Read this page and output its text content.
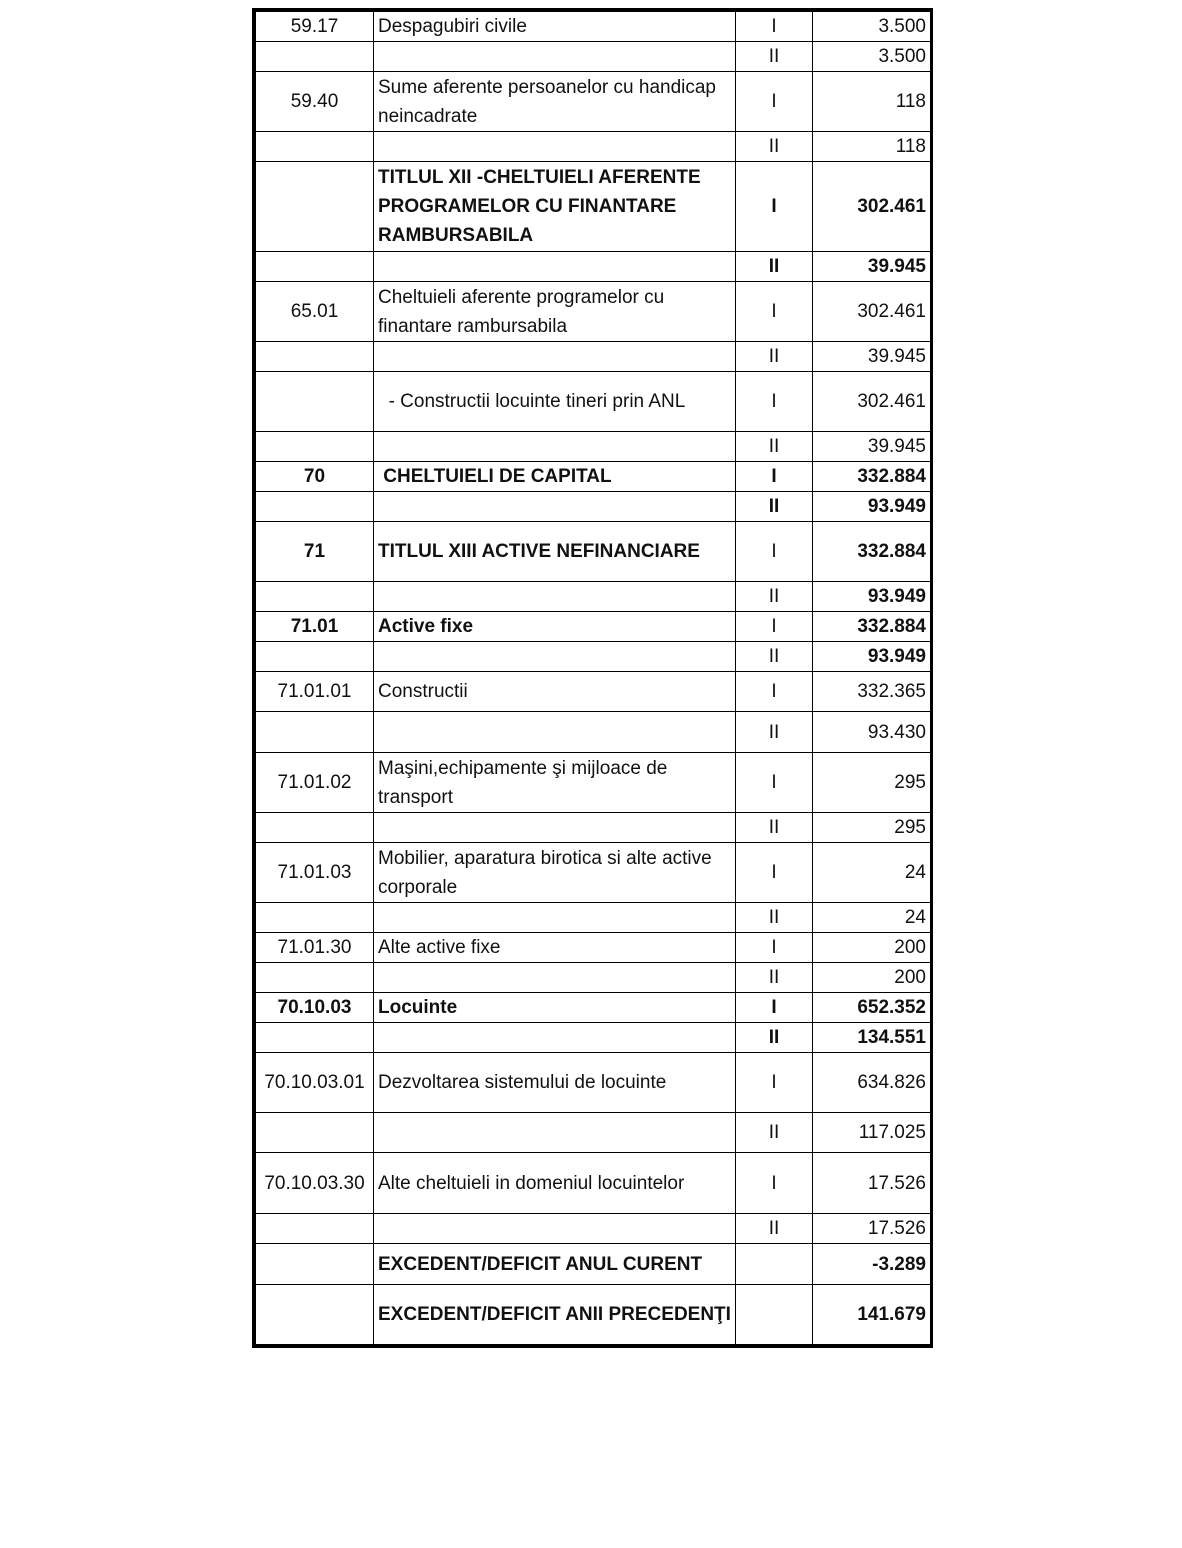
59.17	Despagubiri civile	I	3.500
		II	3.500
59.40	Sume aferente persoanelor cu handicap neincadrate	I	118
		II	118
	TITLUL XII -CHELTUIELI AFERENTE PROGRAMELOR CU FINANTARE RAMBURSABILA	I	302.461
		II	39.945
65.01	Cheltuieli aferente programelor cu finantare rambursabila	I	302.461
		II	39.945
	- Constructii locuinte tineri prin ANL	I	302.461
		II	39.945
70	CHELTUIELI DE CAPITAL	I	332.884
		II	93.949
71	TITLUL XIII ACTIVE NEFINANCIARE	I	332.884
		II	93.949
71.01	Active fixe	I	332.884
		II	93.949
71.01.01	Constructii	I	332.365
		II	93.430
71.01.02	Maşini,echipamente şi mijloace de transport	I	295
		II	295
71.01.03	Mobilier, aparatura birotica si alte active corporale	I	24
		II	24
71.01.30	Alte active fixe	I	200
		II	200
70.10.03	Locuinte	I	652.352
		II	134.551
70.10.03.01	Dezvoltarea sistemului de locuinte	I	634.826
		II	117.025
70.10.03.30	Alte cheltuieli in domeniul locuintelor	I	17.526
		II	17.526
	EXCEDENT/DEFICIT ANUL CURENT		-3.289
	EXCEDENT/DEFICIT ANII PRECEDENŢI		141.679
